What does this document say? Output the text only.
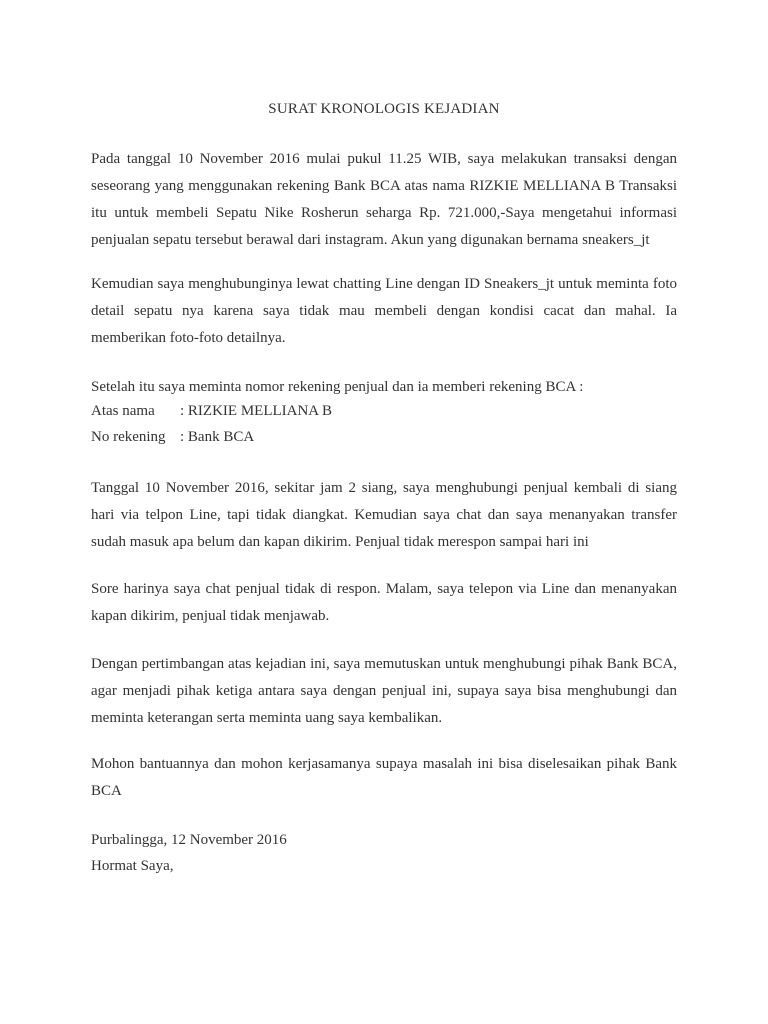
SURAT KRONOLOGIS KEJADIAN

Pada tanggal 10 November 2016 mulai pukul 11.25 WIB, saya melakukan transaksi dengan seseorang yang menggunakan rekening Bank BCA atas nama RIZKIE MELLIANA B Transaksi itu untuk membeli Sepatu Nike Rosherun seharga Rp. 721.000,-Saya mengetahui informasi penjualan sepatu tersebut berawal dari instagram. Akun yang digunakan bernama sneakers_jt

Kemudian saya menghubunginya lewat chatting Line dengan ID Sneakers_jt untuk meminta foto detail sepatu nya karena saya tidak mau membeli dengan kondisi cacat dan mahal. Ia memberikan foto-foto detailnya.

Setelah itu saya meminta nomor rekening penjual dan ia memberi rekening BCA :

Atas nama : RIZKIE MELLIANA B
No rekening : Bank BCA

Tanggal 10 November 2016, sekitar jam 2 siang, saya menghubungi penjual kembali di siang hari via telpon Line, tapi tidak diangkat. Kemudian saya chat dan saya menanyakan transfer sudah masuk apa belum dan kapan dikirim. Penjual tidak merespon sampai hari ini

Sore harinya saya chat penjual tidak di respon. Malam, saya telepon via Line dan menanyakan kapan dikirim, penjual tidak menjawab.

Dengan pertimbangan atas kejadian ini, saya memutuskan untuk menghubungi pihak Bank BCA, agar menjadi pihak ketiga antara saya dengan penjual ini, supaya saya bisa menghubungi dan meminta keterangan serta meminta uang saya kembalikan.

Mohon bantuannya dan mohon kerjasamanya supaya masalah ini bisa diselesaikan pihak Bank BCA

Purbalingga, 12 November 2016
Hormat Saya,
